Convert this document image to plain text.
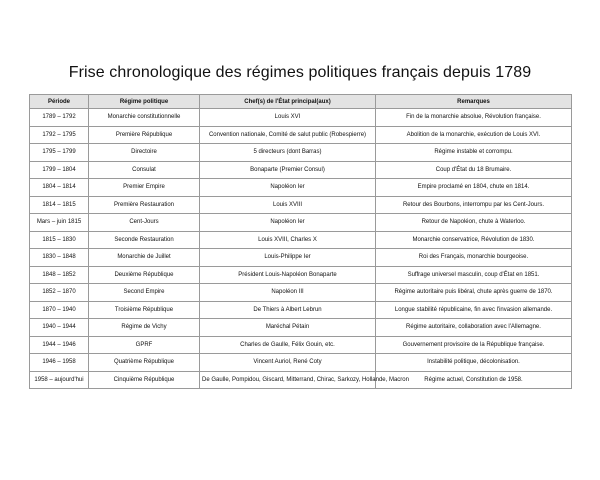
Frise chronologique des régimes politiques français depuis 1789
Période	Régime politique	Chef(s) de l'État principal(aux)	Remarques
1789 – 1792	Monarchie constitutionnelle	Louis XVI	Fin de la monarchie absolue, Révolution française.
1792 – 1795	Première République	Convention nationale, Comité de salut public (Robespierre)	Abolition de la monarchie, exécution de Louis XVI.
1795 – 1799	Directoire	5 directeurs (dont Barras)	Régime instable et corrompu.
1799 – 1804	Consulat	Bonaparte (Premier Consul)	Coup d'État du 18 Brumaire.
1804 – 1814	Premier Empire	Napoléon Ier	Empire proclamé en 1804, chute en 1814.
1814 – 1815	Première Restauration	Louis XVIII	Retour des Bourbons, interrompu par les Cent-Jours.
Mars – juin 1815	Cent-Jours	Napoléon Ier	Retour de Napoléon, chute à Waterloo.
1815 – 1830	Seconde Restauration	Louis XVIII, Charles X	Monarchie conservatrice, Révolution de 1830.
1830 – 1848	Monarchie de Juillet	Louis-Philippe Ier	Roi des Français, monarchie bourgeoise.
1848 – 1852	Deuxième République	Président Louis-Napoléon Bonaparte	Suffrage universel masculin, coup d'État en 1851.
1852 – 1870	Second Empire	Napoléon III	Régime autoritaire puis libéral, chute après guerre de 1870.
1870 – 1940	Troisième République	De Thiers à Albert Lebrun	Longue stabilité républicaine, fin avec l'invasion allemande.
1940 – 1944	Régime de Vichy	Maréchal Pétain	Régime autoritaire, collaboration avec l'Allemagne.
1944 – 1946	GPRF	Charles de Gaulle, Félix Gouin, etc.	Gouvernement provisoire de la République française.
1946 – 1958	Quatrième République	Vincent Auriol, René Coty	Instabilité politique, décolonisation.
1958 – aujourd'hui	Cinquième République	De Gaulle, Pompidou, Giscard, Mitterrand, Chirac, Sarkozy, Hollande, Macron	Régime actuel, Constitution de 1958.
